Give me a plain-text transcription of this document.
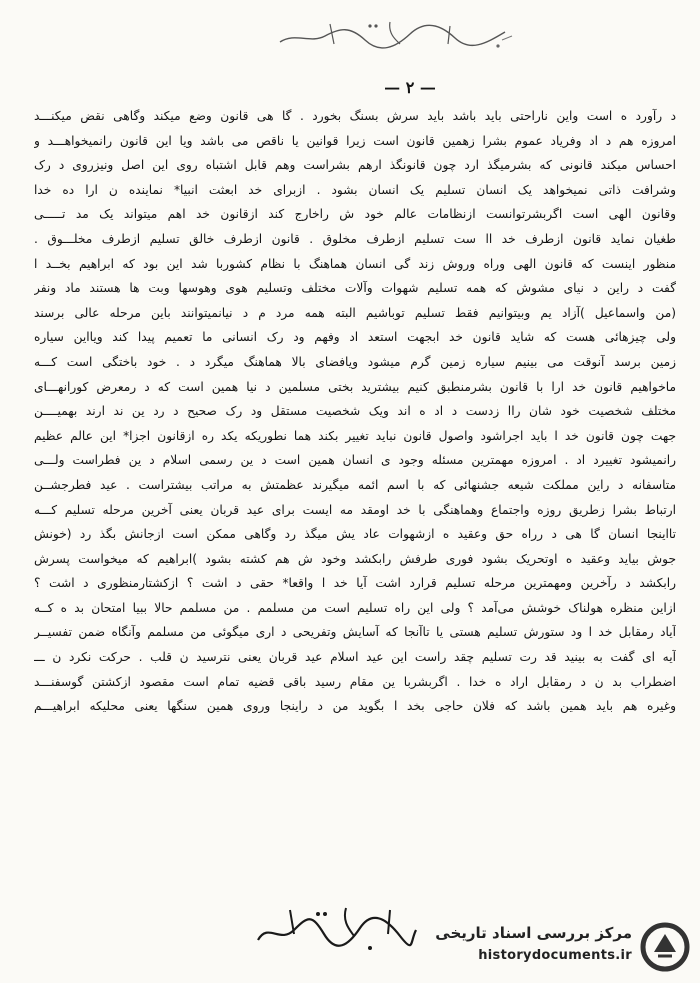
— ۲ —
د رآورد ه است واین ناراحتی باید باشد باید سرش بسنگ بخورد . گا هی قانون وضع میکند وگاهی نقض میکنـــد
امروزه هم د اد وفریاد عموم بشرا زهمین قانون است زیرا قوانین یا ناقص می باشد ویا این قانون رانمیخواهـــد و
احساس میکند قانونی که بشرمیگذ ارد چون قانونگذ ارهم بشراست وهم قابل اشتباه روی این اصل ونیزروی د رک
وشرافت ذاتی نمیخواهد یک انسان تسلیم یک انسان بشود . ازبرای خد ابعثت انبیا* نماینده ن ارا ده خدا
وقانون الهی است اگربشرتوانست ازنظامات عالم خود ش راخارج کند ازقانون خد اهم میتواند یک مد تـــــی
طغیان نماید قانون ازطرف خد اا ست تسلیم ازطرف مخلوق . قانون ازطرف خالق تسلیم ازطرف مخلـــوق .
منظور اینست که قانون الهی وراه وروش زند گی انسان هماهنگ با نظام کشوربا شد این بود که ابراهیم بخــد ا
گفت د راین د نیای مشوش که همه تسلیم شهوات وآلات مختلف وتسلیم هوی وهوسها وبت ها هستند ماد ونفر
(من واسماعیل )آزاد یم وبیتوانیم فقط تسلیم توباشیم البته همه مرد م د نیانمیتوانند باین مرحله عالی برسند
ولی چیزهائی هست که شاید قانون خد ابجهت استعد اد وفهم ود رک انسانی ما تعمیم پیدا کند ویااین سیاره
زمین برسد آنوقت می بینیم سیاره زمین گرم میشود ویافضای بالا هماهنگ میگرد د . خود باختگی است کـــه
ماخواهیم قانون خد ارا با قانون بشرمنطبق کنیم بیشترید بختی مسلمین د نیا همین است که د رمعرض کورانهـــای
مختلف شخصیت خود شان راا زدست د اد ه اند ویک شخصیت مستقل ود رک صحیح د رد ین ند ارند بهمیــــن
جهت چون قانون خد ا باید اجراشود واصول قانون نباید تغییر بکند هما نطوریکه یکد ره ازقانون اجزا* این عالم عظیم
رانمیشود تغییرد اد . امروزه مهمترین مسئله وجود ی انسان همین است د ین رسمی اسلام د ین فطراست ولـــی
متاسفانه د راین مملکت شیعه جشنهائی که با اسم ائمه میگیرند عظمتش به مراتب بیشتراست . عید فطرجشــن
ارتباط بشرا زطریق روزه واجتماع وهماهنگی با خد اومقد مه ایست برای عید قربان یعنی آخرین مرحله تسلیم کـــه
تااینجا انسان گا هی د رراه حق وعقید ه ازشهوات عاد یش میگذ رد وگاهی ممکن است ازجانش بگذ رد (خونش
جوش بیاید وعقید ه اوتحریک بشود فوری طرفش رابکشد وخود ش هم کشته بشود )ابراهیم که میخواست پسرش
رابکشد د رآخرین ومهمترین مرحله تسلیم قرارد اشت آیا خد ا واقعا* حقی د اشت ؟ ازکشتارمنظوری د اشت ؟
ازاین منظره هولناک خوشش می‌آمد ؟ ولی این راه تسلیم است من مسلمم . من مسلمم حالا ببیا امتحان بد ه کــه
آیاد رمقابل خد ا ود ستورش تسلیم هستی یا تاآنجا که آسایش وتفریحی د اری میگوئی من مسلمم وآنگاه ضمن تفسیــر
آیه ای گفت به بینید قد رت تسلیم چقد راست این عید اسلام عید قربان یعنی نترسید ن قلب . حرکت نکرد ن ـــ
اضطراب بد ن د رمقابل اراد ه خدا . اگربشربا ین مقام رسید باقی قضیه تمام است مقصود ازکشتن گوسفنـــد
وغیره هم باید همین باشد که فلان حاجی بخد ا بگوید من د راینجا وروی همین سنگها یعنی محلیکه ابراهیـــم
مرکز بررسی اسناد تاریخی
historydocuments.ir
